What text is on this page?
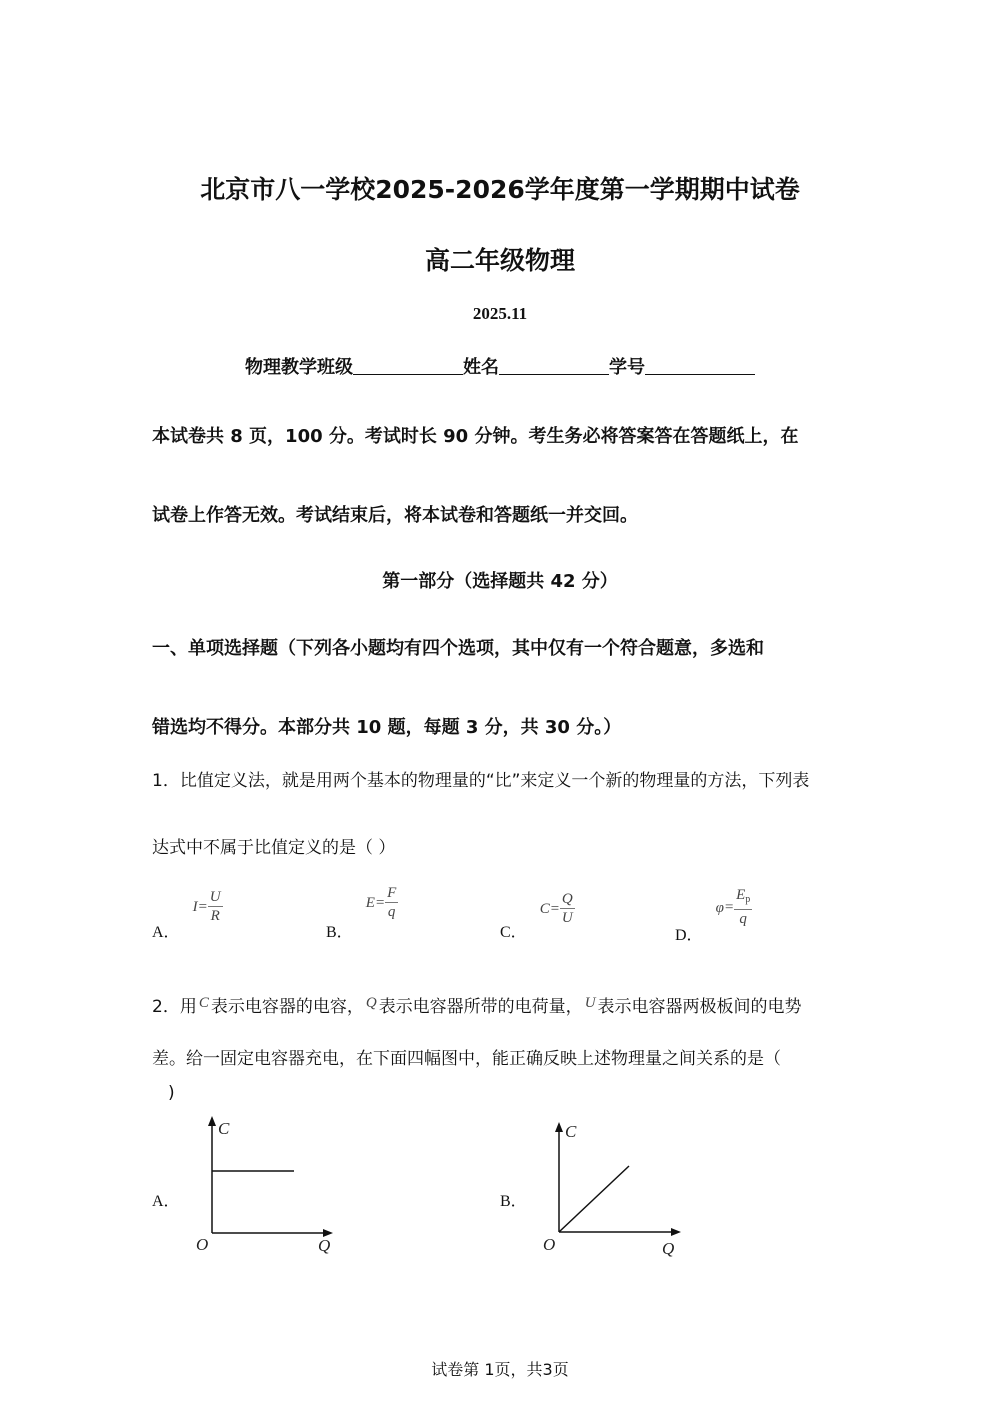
北京市八一学校2025-2026学年度第一学期期中试卷
高二年级物理
2025.11
物理教学班级	姓名	学号
本试卷共 8 页，100 分。考试时长 90 分钟。考生务必将答案答在答题纸上，在
试卷上作答无效。考试结束后，将本试卷和答题纸一并交回。
第一部分（选择题共 42 分）
一、单项选择题（下列各小题均有四个选项，其中仅有一个符合题意，多选和
错选均不得分。本部分共 10 题，每题 3 分，共 30 分。）
1．比值定义法，就是用两个基本的物理量的“比”来定义一个新的物理量的方法，下列表
达式中不属于比值定义的是（ ）
A． $I= \frac{U}{R}$
B． $E= \frac{F}{q}$
C． $C= \frac{Q}{U}$
D． $\varphi= \frac{E_p}{q}$
2．用 C 表示电容器的电容， Q 表示电容器所带的电荷量， U 表示电容器两极板间的电势
差。给一固定电容器充电，在下面四幅图中，能正确反映上述物理量之间关系的是（
)
A．
C
Q
O
B．
C
Q
O
试卷第 1页，共3页
